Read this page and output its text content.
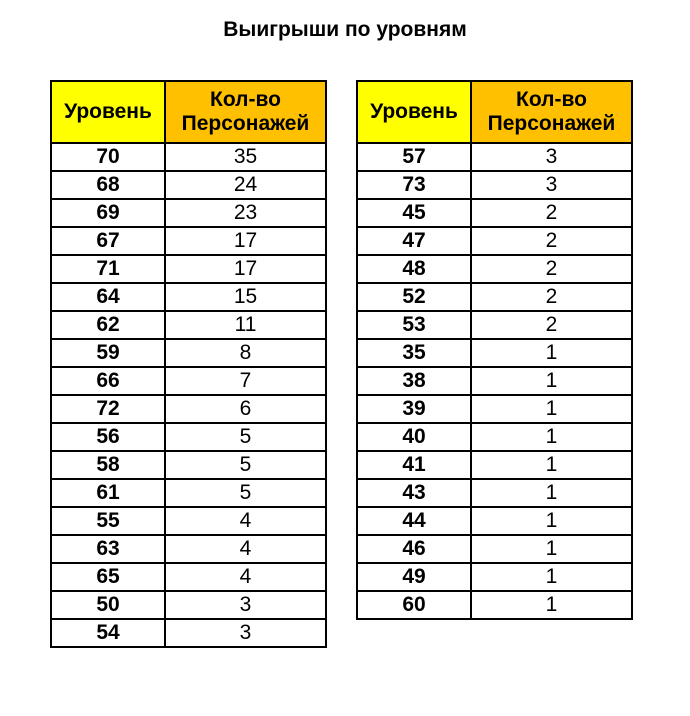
Выигрыши по уровням
Уровень	Кол-во
Персонажей
70	35
68	24
69	23
67	17
71	17
64	15
62	11
59	8
66	7
72	6
56	5
58	5
61	5
55	4
63	4
65	4
50	3
54	3
Уровень	Кол-во
Персонажей
57	3
73	3
45	2
47	2
48	2
52	2
53	2
35	1
38	1
39	1
40	1
41	1
43	1
44	1
46	1
49	1
60	1
